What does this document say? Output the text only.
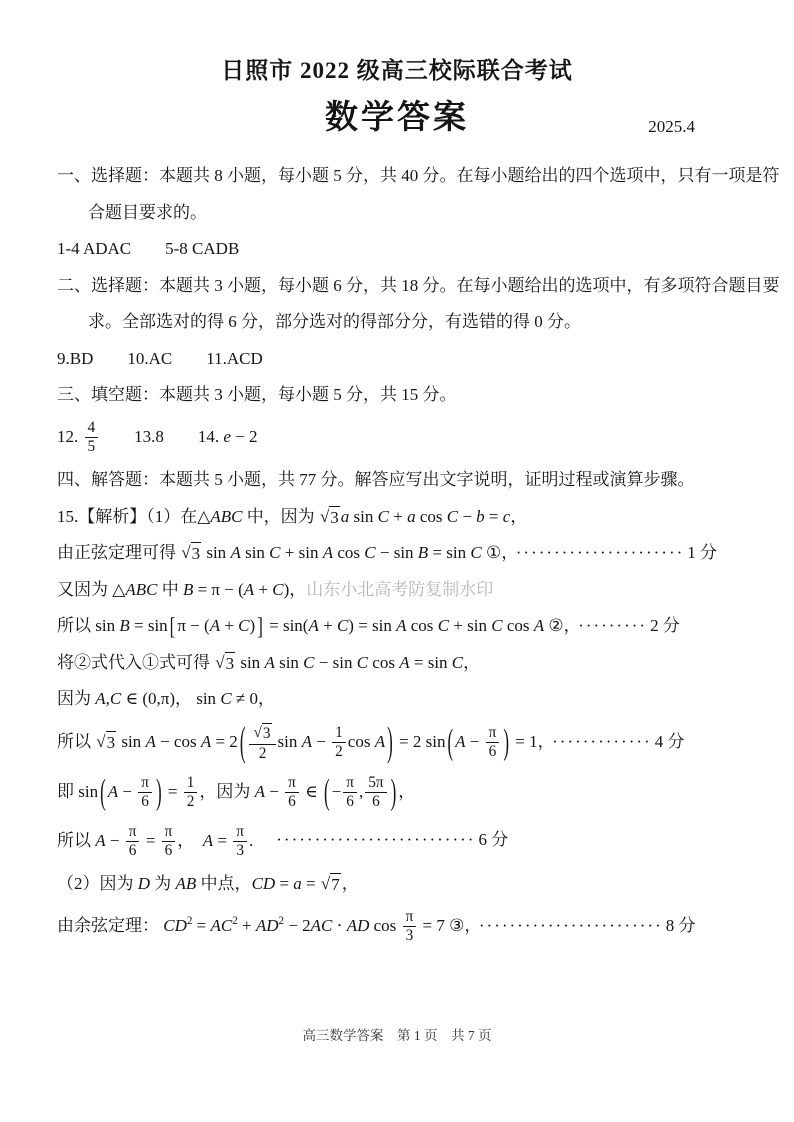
日照市 2022 级高三校际联合考试
数学答案	2025.4
一、选择题：本题共 8 小题，每小题 5 分，共 40 分。在每小题给出的四个选项中，只有一项是符
合题目要求的。
1-4 ADAC　　5-8 CADB
二、选择题：本题共 3 小题，每小题 6 分，共 18 分。在每小题给出的选项中，有多项符合题目要
求。全部选对的得 6 分，部分选对的得部分分，有选错的得 0 分。
9.BD　　10.AC　　11.ACD
三、填空题：本题共 3 小题，每小题 5 分，共 15 分。
12. $\frac{4}{5}$ 　　13.8　　14. e − 2
四、解答题：本题共 5 小题，共 77 分。解答应写出文字说明，证明过程或演算步骤。
15.【解析】（1）在△ABC 中，因为 √ 3 a sin C + a cos C − b = c，
由正弦定理可得 √ 3 sin A sin C + sin A cos C − sin B = sin C ①， ······················ 1 分
又因为 △ABC 中 B = π − (A + C)，山东小北高考防复制水印
所以 sin B = sin [ π − (A + C) ] = sin(A + C) = sin A cos C + sin C cos A ②， ········· 2 分
将②式代入①式可得 √ 3 sin A sin C − sin C cos A = sin C，
因为 A,C ∈ (0,π)， sin C ≠ 0，
所以 √ 3 sin A − cos A = 2 ( $\frac{√ 3}{2}$ $\sin A - \frac{1}{2}$ cos A ) = 2 sin ( $A - \frac{\pi}{6}$ ) = 1， ············· 4 分
即 sin ( $A - \frac{\pi}{6}$ ) = $\frac{1}{2}$ ，因为 $A - \frac{\pi}{6}$ ∈ ( − $\frac{\pi}{6}$ , $\frac{5\pi}{6}$ ) ，
所以 $A - \frac{\pi}{6} = \frac{\pi}{6}$ ，　$A = \frac{\pi}{3}$ .　·························· 6 分
（2）因为 D 为 AB 中点，CD = a = √ 7 ，
由余弦定理： $CD^2 = AC^2 + AD^2 - 2AC$ ⋅ AD $\cos \frac{\pi}{3} = 7$ ③， ························ 8 分
高三数学答案　第 1 页　共 7 页
